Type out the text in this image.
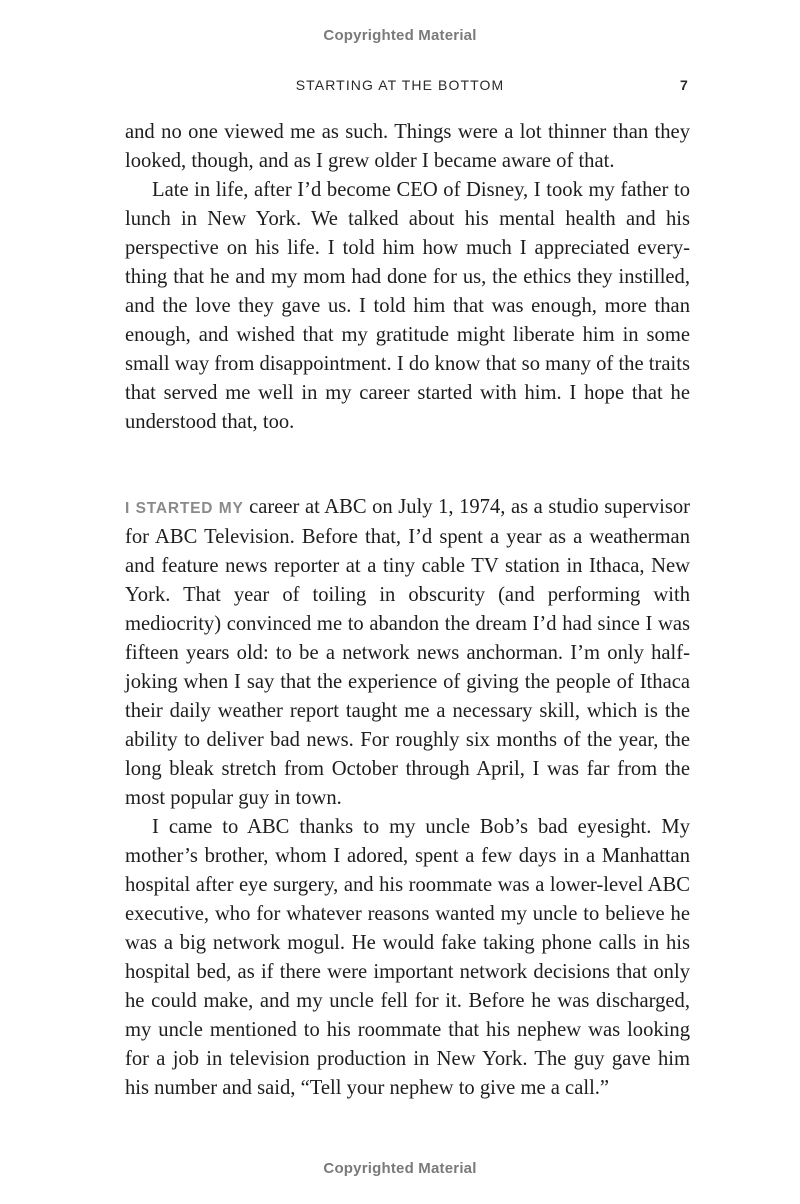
Copyrighted Material
STARTING AT THE BOTTOM	7

and no one viewed me as such. Things were a lot thinner than they looked, though, and as I grew older I became aware of that.

Late in life, after I’d become CEO of Disney, I took my father to lunch in New York. We talked about his mental health and his perspective on his life. I told him how much I appreciated everything that he and my mom had done for us, the ethics they instilled, and the love they gave us. I told him that was enough, more than enough, and wished that my gratitude might liberate him in some small way from disappointment. I do know that so many of the traits that served me well in my career started with him. I hope that he understood that, too.

I STARTED MY career at ABC on July 1, 1974, as a studio supervisor for ABC Television. Before that, I’d spent a year as a weatherman and feature news reporter at a tiny cable TV station in Ithaca, New York. That year of toiling in obscurity (and performing with mediocrity) convinced me to abandon the dream I’d had since I was fifteen years old: to be a network news anchorman. I’m only half-joking when I say that the experience of giving the people of Ithaca their daily weather report taught me a necessary skill, which is the ability to deliver bad news. For roughly six months of the year, the long bleak stretch from October through April, I was far from the most popular guy in town.

I came to ABC thanks to my uncle Bob’s bad eyesight. My mother’s brother, whom I adored, spent a few days in a Manhattan hospital after eye surgery, and his roommate was a lower-level ABC executive, who for whatever reasons wanted my uncle to believe he was a big network mogul. He would fake taking phone calls in his hospital bed, as if there were important network decisions that only he could make, and my uncle fell for it. Before he was discharged, my uncle mentioned to his roommate that his nephew was looking for a job in television production in New York. The guy gave him his number and said, “Tell your nephew to give me a call.”

Copyrighted Material
